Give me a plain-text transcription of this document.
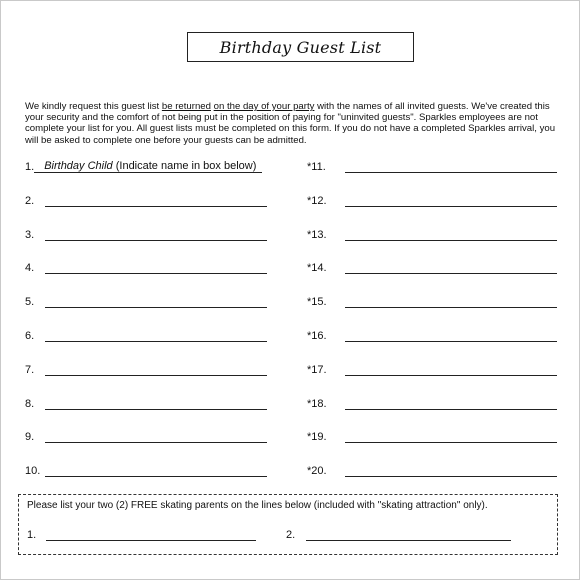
Birthday Guest List
We kindly request this guest list be returned on the day of your party with the names of all invited guests. We've created this your security and the comfort of not being put in the position of paying for "uninvited guests". Sparkles employees are not complete your list for you. All guest lists must be completed on this form. If you do not have a completed Sparkles arrival, you will be asked to complete one before your guests can be admitted.
1. Birthday Child (Indicate name in box below)
Please list your two (2) FREE skating parents on the lines below (included with "skating attraction" only).
1.	2.
2.
3.
4.
5.
6.
7.
8.
9.
10.
*11.
*12.
*13.
*14.
*15.
*16.
*17.
*18.
*19.
*20.
